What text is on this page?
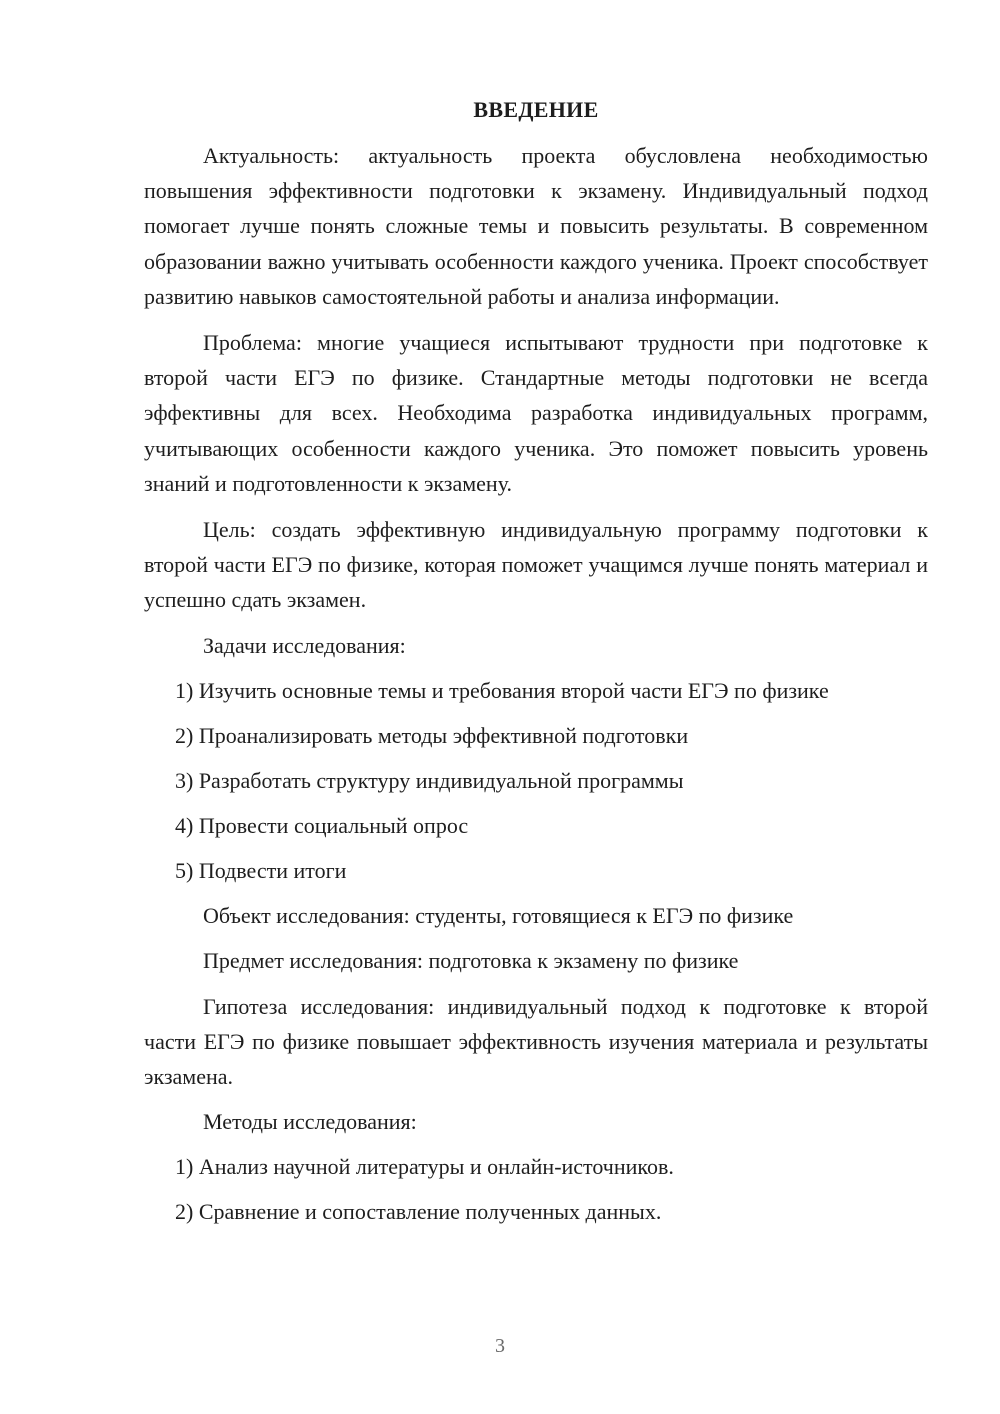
ВВЕДЕНИЕ

Актуальность: актуальность проекта обусловлена необходимостью повышения эффективности подготовки к экзамену. Индивидуальный подход помогает лучше понять сложные темы и повысить результаты. В современном образовании важно учитывать особенности каждого ученика. Проект способствует развитию навыков самостоятельной работы и анализа информации.

Проблема: многие учащиеся испытывают трудности при подготовке к второй части ЕГЭ по физике. Стандартные методы подготовки не всегда эффективны для всех. Необходима разработка индивидуальных программ, учитывающих особенности каждого ученика. Это поможет повысить уровень знаний и подготовленности к экзамену.

Цель: создать эффективную индивидуальную программу подготовки к второй части ЕГЭ по физике, которая поможет учащимся лучше понять материал и успешно сдать экзамен.

Задачи исследования:

1) Изучить основные темы и требования второй части ЕГЭ по физике

2) Проанализировать методы эффективной подготовки

3) Разработать структуру индивидуальной программы

4) Провести социальный опрос

5) Подвести итоги

Объект исследования: студенты, готовящиеся к ЕГЭ по физике

Предмет исследования: подготовка к экзамену по физике

Гипотеза исследования: индивидуальный подход к подготовке к второй части ЕГЭ по физике повышает эффективность изучения материала и результаты экзамена.

Методы исследования:

1) Анализ научной литературы и онлайн-источников.

2) Сравнение и сопоставление полученных данных.

3
